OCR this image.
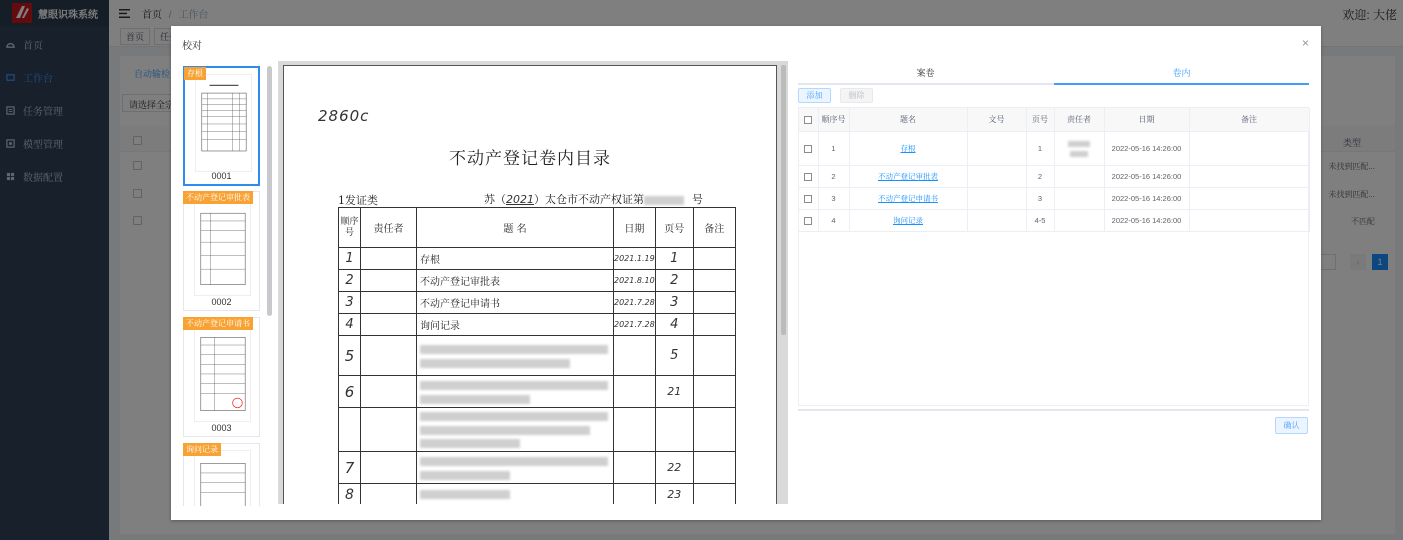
校对	×
存根
0001
不动产登记审批表
0002
不动产登记申请书
0003
询问记录
2860c
不动产登记卷内目录
1发证类	苏（2021）太仓市不动产权证第	号
顺序号	责任者	题 名	日期	页号	备注
1		存根	2021.1.19	1	
2		不动产登记审批表	2021.8.10	2	
3		不动产登记申请书	2021.7.28	3	
4		询问记录	2021.7.28	4	
5				5	
6				21	

7				22	
8				23	
案卷	卷内
添加	删除
	顺序号	题名	文号	页号	责任者	日期	备注
	1	存根		1		2022-05-16 14:26:00	
	2	不动产登记审批表		2		2022-05-16 14:26:00	
	3	不动产登记申请书		3		2022-05-16 14:26:00	
	4	询问记录		4-5		2022-05-16 14:26:00	
确认
